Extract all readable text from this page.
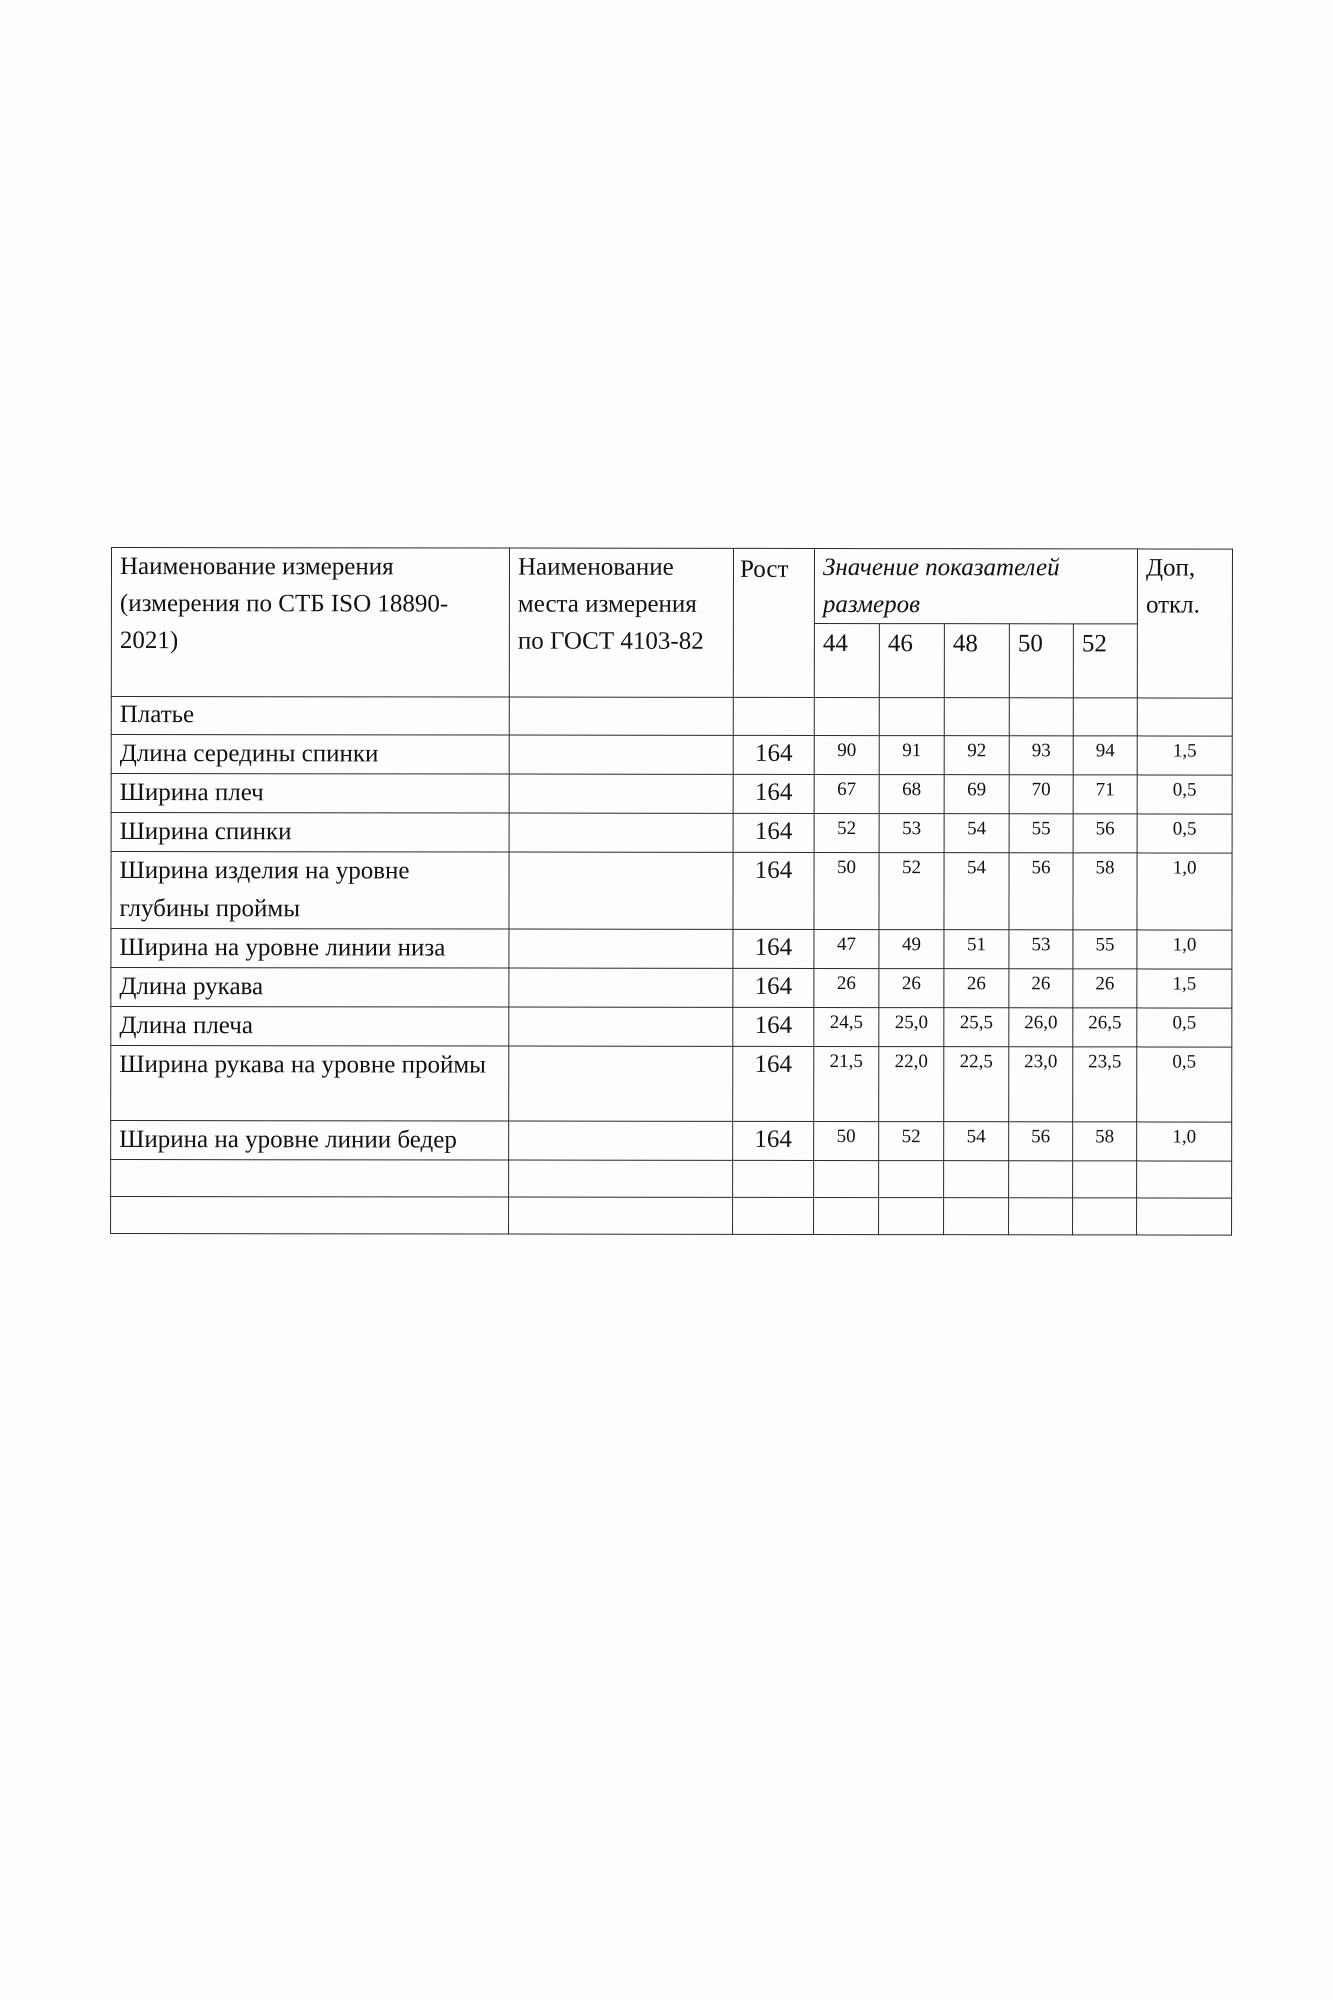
Наименование измерения (измерения по СТБ ISO 18890-2021)	Наименование места измерения по ГОСТ 4103-82	Рост	Значение показателей размеров					Доп, откл.
			44	46	48	50	52	
Платье								
Длина середины спинки		164	90	91	92	93	94	1,5
Ширина плеч		164	67	68	69	70	71	0,5
Ширина спинки		164	52	53	54	55	56	0,5
Ширина изделия на уровне глубины проймы		164	50	52	54	56	58	1,0
Ширина на уровне линии низа		164	47	49	51	53	55	1,0
Длина рукава		164	26	26	26	26	26	1,5
Длина плеча		164	24,5	25,0	25,5	26,0	26,5	0,5
Ширина рукава на уровне проймы		164	21,5	22,0	22,5	23,0	23,5	0,5
Ширина на уровне линии бедер		164	50	52	54	56	58	1,0
